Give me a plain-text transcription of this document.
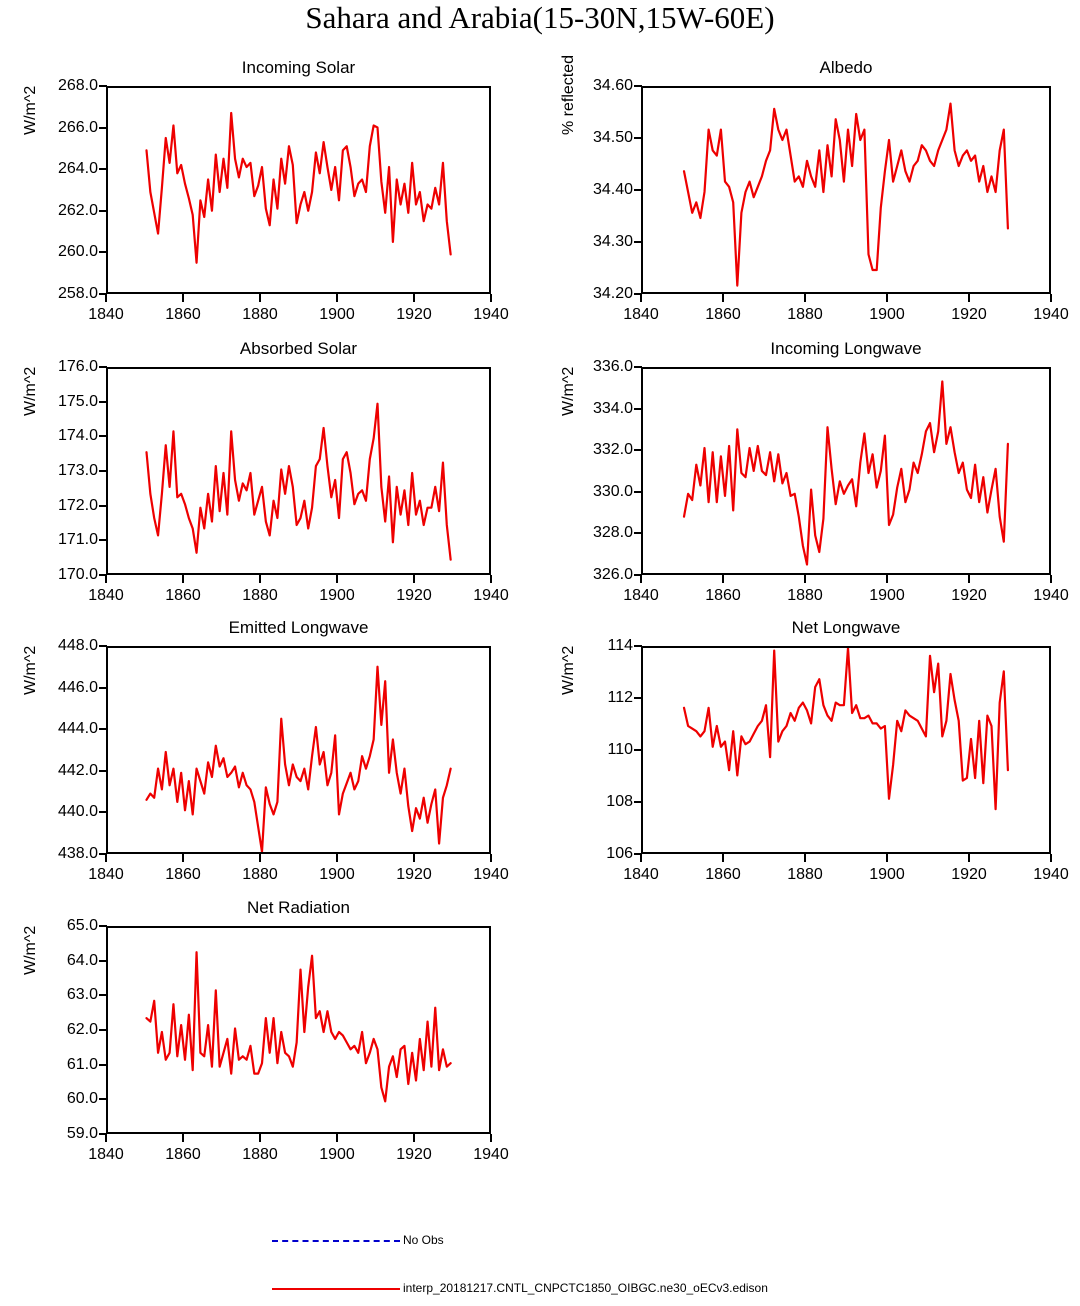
Sahara and Arabia(15-30N,15W-60E)
Incoming Solar
W/m^2
258.0
260.0
262.0
264.0
266.0
268.0
1840	1860	1880	1900	1920	1940
Albedo
% reflected
34.20
34.30
34.40
34.50
34.60
1840	1860	1880	1900	1920	1940
Absorbed Solar
W/m^2
170.0
171.0
172.0
173.0
174.0
175.0
176.0
1840	1860	1880	1900	1920	1940
Incoming Longwave
W/m^2
326.0
328.0
330.0
332.0
334.0
336.0
1840	1860	1880	1900	1920	1940
Emitted Longwave
W/m^2
438.0
440.0
442.0
444.0
446.0
448.0
1840	1860	1880	1900	1920	1940
Net Longwave
W/m^2
106
108
110
112
114
1840	1860	1880	1900	1920	1940
Net Radiation
W/m^2
59.0
60.0
61.0
62.0
63.0
64.0
65.0
1840	1860	1880	1900	1920	1940
No Obs
interp_20181217.CNTL_CNPCTC1850_OIBGC.ne30_oECv3.edison
